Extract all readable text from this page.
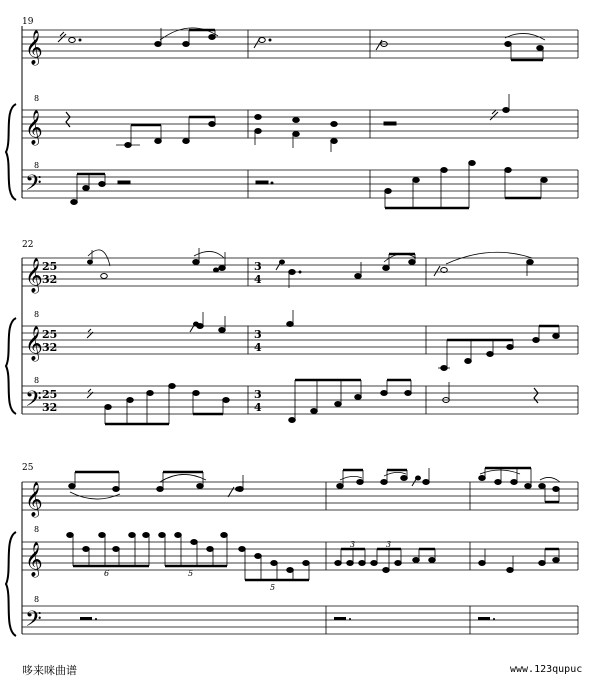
19
𝄞
8
𝄞
8
𝄢
22
𝄞 25
32
3
4
8
𝄞 25
32
3
4
8
𝄢 25
32
3
4
25
𝄞
8
𝄞	6	5
5
3	3
8
𝄢
哆来咪曲谱	www.123qupuc
